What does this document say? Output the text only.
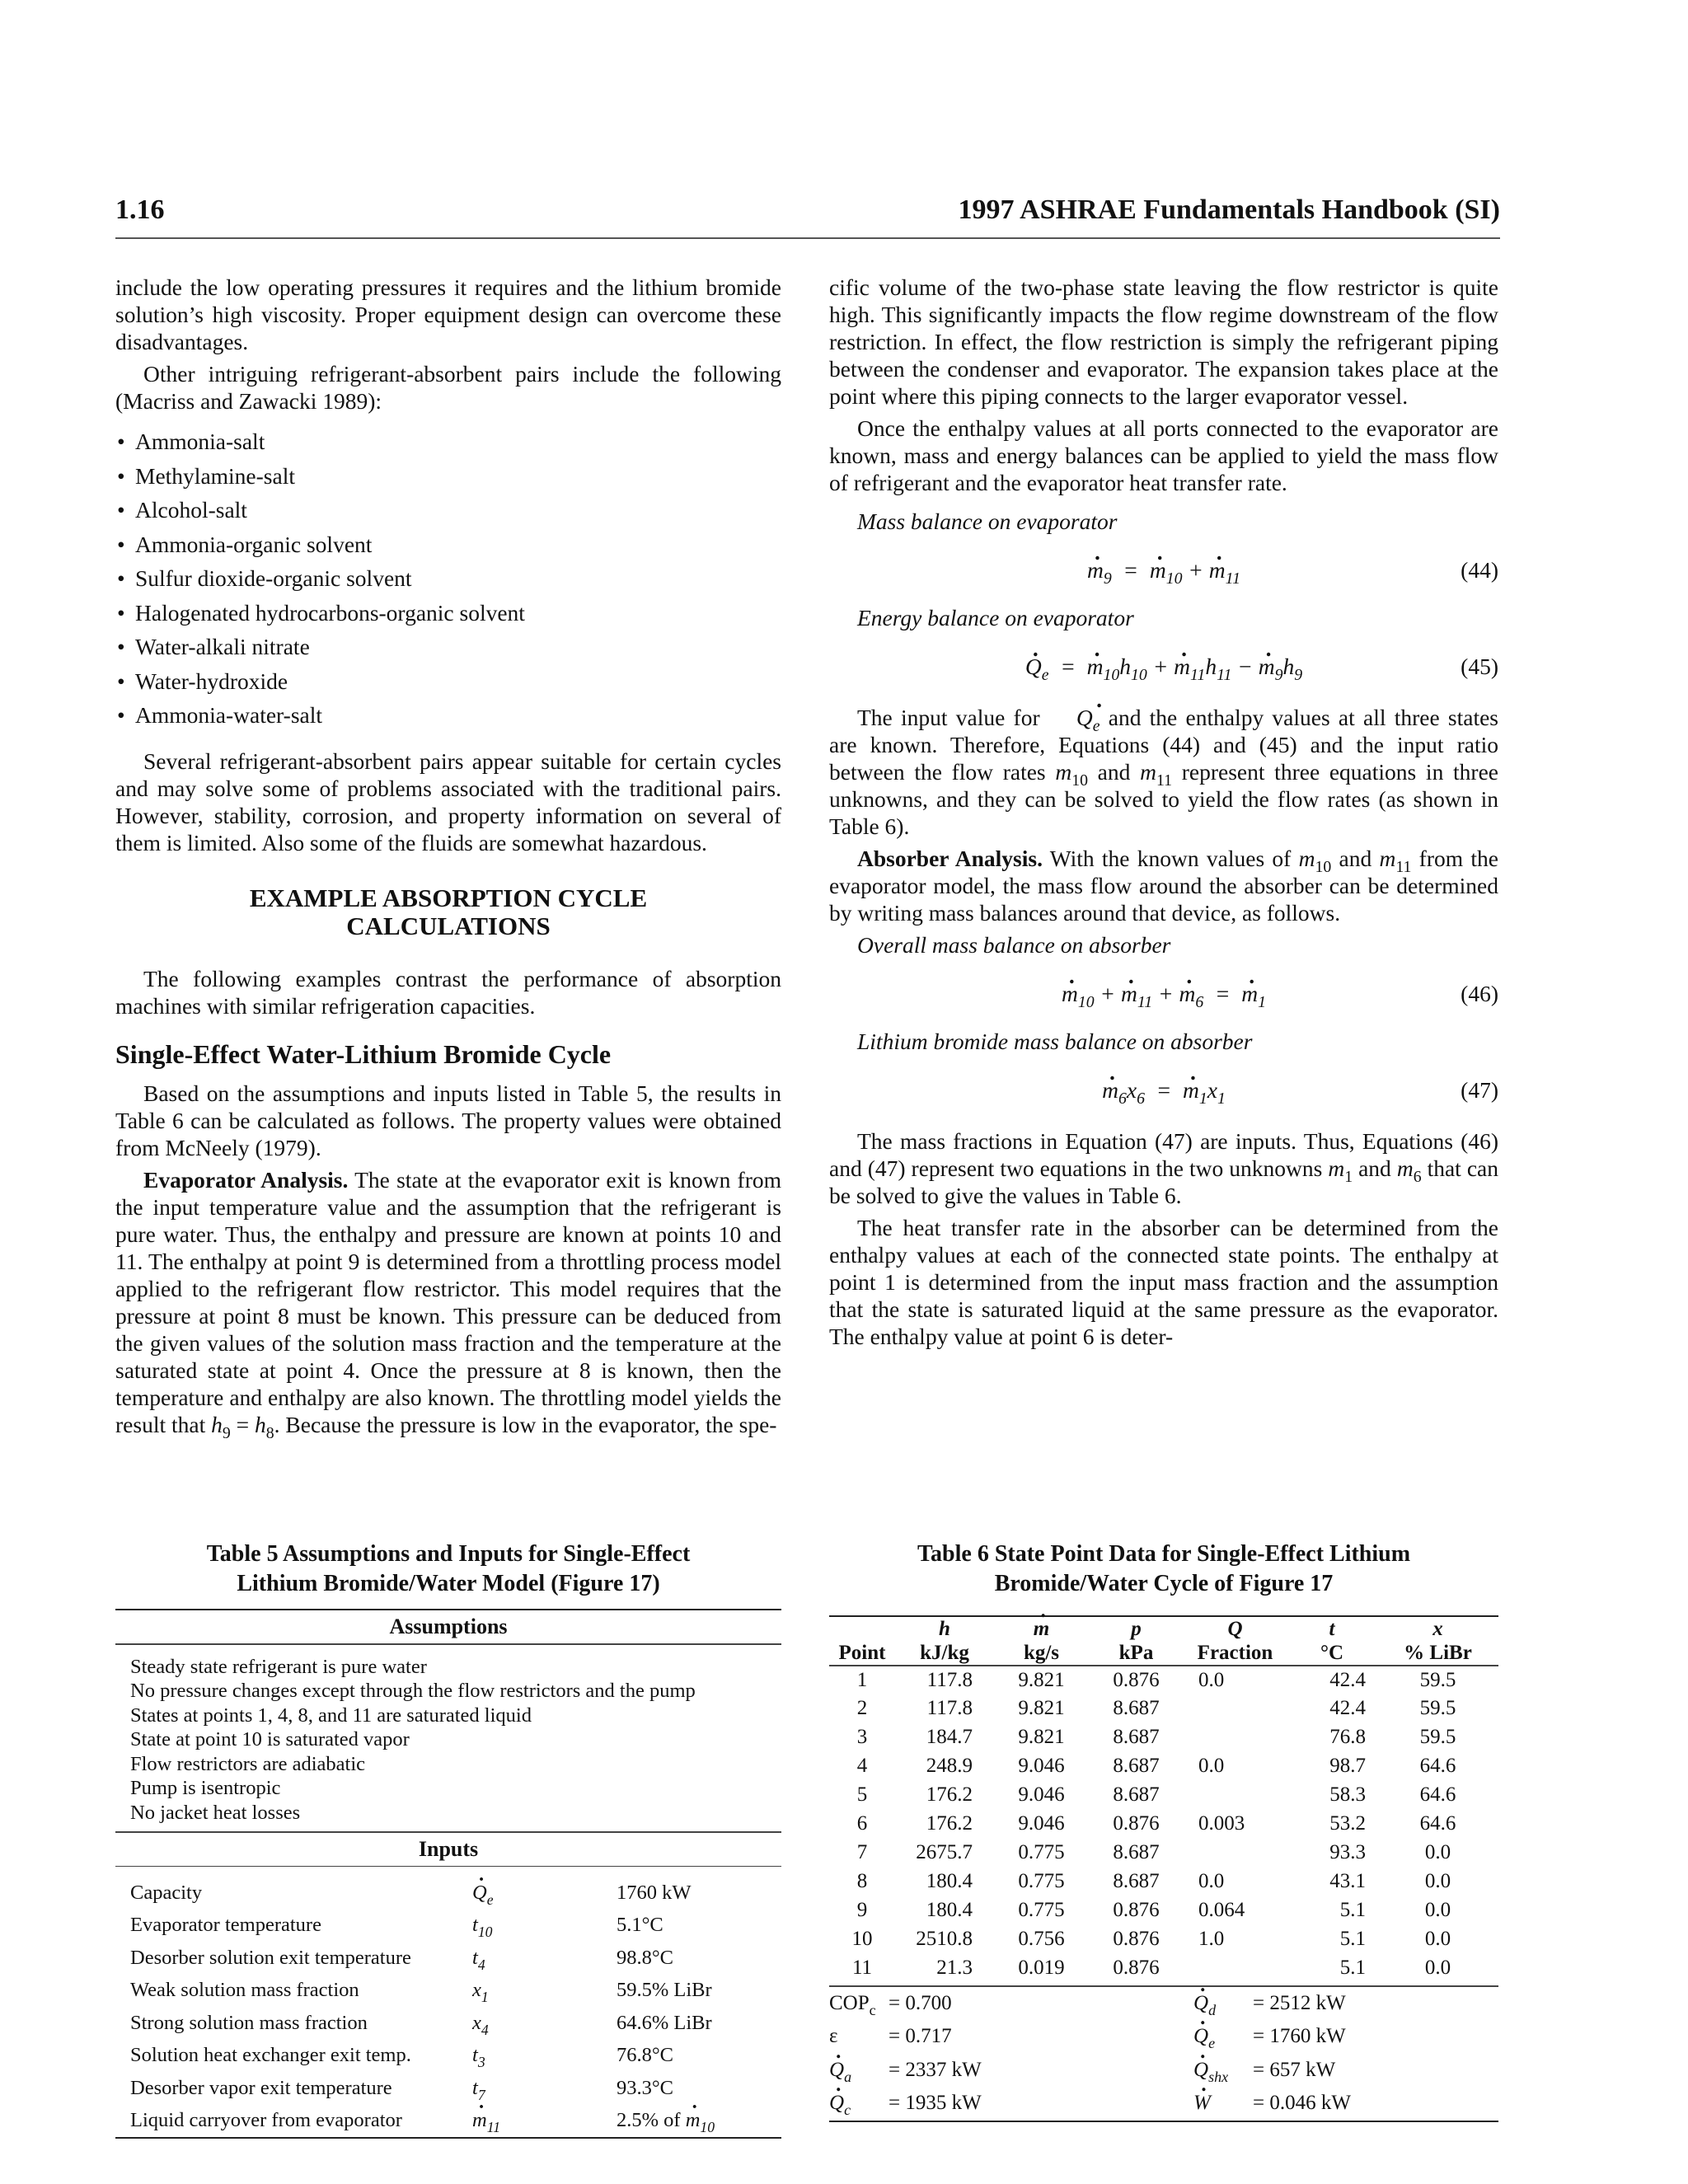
1.16	1997 ASHRAE Fundamentals Handbook (SI)

include the low operating pressures it requires and the lithium bromide solution’s high viscosity. Proper equipment design can overcome these disadvantages.

Other intriguing refrigerant-absorbent pairs include the following (Macriss and Zawacki 1989):

• Ammonia-salt
• Methylamine-salt
• Alcohol-salt
• Ammonia-organic solvent
• Sulfur dioxide-organic solvent
• Halogenated hydrocarbons-organic solvent
• Water-alkali nitrate
• Water-hydroxide
• Ammonia-water-salt

Several refrigerant-absorbent pairs appear suitable for certain cycles and may solve some of problems associated with the traditional pairs. However, stability, corrosion, and property information on several of them is limited. Also some of the fluids are somewhat hazardous.

EXAMPLE ABSORPTION CYCLE
CALCULATIONS

The following examples contrast the performance of absorption machines with similar refrigeration capacities.

Single-Effect Water-Lithium Bromide Cycle

Based on the assumptions and inputs listed in Table 5, the results in Table 6 can be calculated as follows. The property values were obtained from McNeely (1979).

Evaporator Analysis. The state at the evaporator exit is known from the input temperature value and the assumption that the refrigerant is pure water. Thus, the enthalpy and pressure are known at points 10 and 11. The enthalpy at point 9 is determined from a throttling process model applied to the refrigerant flow restrictor. This model requires that the pressure at point 8 must be known. This pressure can be deduced from the given values of the solution mass fraction and the temperature at the saturated state at point 4. Once the pressure at 8 is known, then the temperature and enthalpy are also known. The throttling model yields the result that $h_9 = h_8$. Because the pressure is low in the evaporator, the spe-

cific volume of the two-phase state leaving the flow restrictor is quite high. This significantly impacts the flow regime downstream of the flow restriction. In effect, the flow restriction is simply the refrigerant piping between the condenser and evaporator. The expansion takes place at the point where this piping connects to the larger evaporator vessel.

Once the enthalpy values at all ports connected to the evaporator are known, mass and energy balances can be applied to yield the mass flow of refrigerant and the evaporator heat transfer rate.

Mass balance on evaporator

. $m_9$  =  . $m_{10}$ + . $m_{11}$	(44)

Energy balance on evaporator

. $Q_e$  =  . $m_{10}h_{10}$ + . $m_{11}h_{11}$ − . $m_9h_9$	(45)

The input value for . $Q_e$ and the enthalpy values at all three states are known. Therefore, Equations (44) and (45) and the input ratio between the flow rates $m_{10}$ and $m_{11}$ represent three equations in three unknowns, and they can be solved to yield the flow rates (as shown in Table 6).

Absorber Analysis. With the known values of $m_{10}$ and $m_{11}$ from the evaporator model, the mass flow around the absorber can be determined by writing mass balances around that device, as follows.

Overall mass balance on absorber

. $m_{10}$ + . $m_{11}$ + . $m_6$  =  . $m_1$	(46)

Lithium bromide mass balance on absorber

. $m_6x_6$  =  . $m_1x_1$	(47)

The mass fractions in Equation (47) are inputs. Thus, Equations (46) and (47) represent two equations in the two unknowns $m_1$ and $m_6$ that can be solved to give the values in Table 6.

The heat transfer rate in the absorber can be determined from the enthalpy values at each of the connected state points. The enthalpy at point 1 is determined from the input mass fraction and the assumption that the state is saturated liquid at the same pressure as the evaporator. The enthalpy value at point 6 is deter-

Table 5 Assumptions and Inputs for Single-Effect
Lithium Bromide/Water Model (Figure 17)
Assumptions
Steady state refrigerant is pure water
No pressure changes except through the flow restrictors and the pump
States at points 1, 4, 8, and 11 are saturated liquid
State at point 10 is saturated vapor
Flow restrictors are adiabatic
Pump is isentropic
No jacket heat losses
Inputs
Capacity	. $Q_e$	1760 kW
Evaporator temperature	$t_{10}$	5.1°C
Desorber solution exit temperature	$t_4$	98.8°C
Weak solution mass fraction	$x_1$	59.5% LiBr
Strong solution mass fraction	$x_4$	64.6% LiBr
Solution heat exchanger exit temp.	$t_3$	76.8°C
Desorber vapor exit temperature	$t_7$	93.3°C
Liquid carryover from evaporator	. $m_{11}$	2.5% of . $m_{10}$
Table 6 State Point Data for Single-Effect Lithium
Bromide/Water Cycle of Figure 17
	h	. m	p	Q	t	x
Point	kJ/kg	kg/s	kPa	Fraction	°C	% LiBr

1	117.8	9.821	0.876	0.0	42.4	59.5
2	117.8	9.821	8.687		42.4	59.5
3	184.7	9.821	8.687		76.8	59.5
4	248.9	9.046	8.687	0.0	98.7	64.6
5	176.2	9.046	8.687		58.3	64.6
6	176.2	9.046	0.876	0.003	53.2	64.6
7	2675.7	0.775	8.687		93.3	0.0
8	180.4	0.775	8.687	0.0	43.1	0.0
9	180.4	0.775	0.876	0.064	5.1	0.0
10	2510.8	0.756	0.876	1.0	5.1	0.0
11	21.3	0.019	0.876		5.1	0.0
$COP_c$	= 0.700	. $Q_d$	= 2512 kW
ε	= 0.717	. $Q_e$	= 1760 kW
. $Q_a$	= 2337 kW	. $Q_{shx}$	= 657 kW
. $Q_c$	= 1935 kW	. W	= 0.046 kW
